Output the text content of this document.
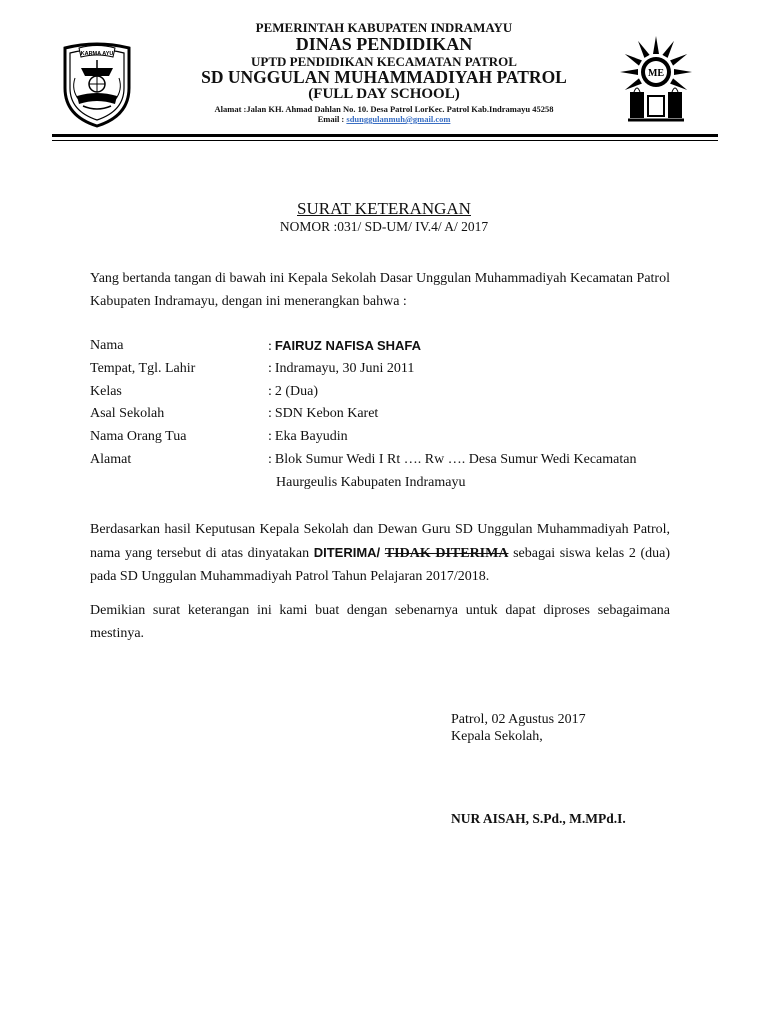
KARMA AYU
ME
PEMERINTAH KABUPATEN INDRAMAYU
DINAS PENDIDIKAN
UPTD PENDIDIKAN KECAMATAN PATROL
SD UNGGULAN MUHAMMADIYAH PATROL
(FULL DAY SCHOOL)
Alamat :Jalan KH. Ahmad Dahlan No. 10. Desa Patrol LorKec. Patrol Kab.Indramayu 45258
Email : sdunggulanmuh@gmail.com
SURAT KETERANGAN
NOMOR :031/ SD-UM/ IV.4/ A/ 2017
Yang bertanda tangan di bawah ini Kepala Sekolah Dasar Unggulan Muhammadiyah Kecamatan Patrol Kabupaten Indramayu, dengan ini menerangkan bahwa :
Nama	: FAIRUZ NAFISA SHAFA
Tempat, Tgl. Lahir	: Indramayu, 30 Juni 2011
Kelas	: 2 (Dua)
Asal Sekolah	: SDN Kebon Karet
Nama Orang Tua	: Eka Bayudin
Alamat	: Blok Sumur Wedi I Rt …. Rw …. Desa Sumur Wedi Kecamatan
Haurgeulis Kabupaten Indramayu
Berdasarkan hasil Keputusan Kepala Sekolah dan Dewan Guru SD Unggulan Muhammadiyah Patrol, nama yang tersebut di atas dinyatakan DITERIMA/ TIDAK DITERIMA sebagai siswa kelas 2 (dua) pada SD Unggulan Muhammadiyah Patrol Tahun Pelajaran 2017/2018.
Demikian surat keterangan ini kami buat dengan sebenarnya untuk dapat diproses sebagaimana mestinya.
Patrol, 02 Agustus 2017
Kepala Sekolah,
NUR AISAH, S.Pd., M.MPd.I.
